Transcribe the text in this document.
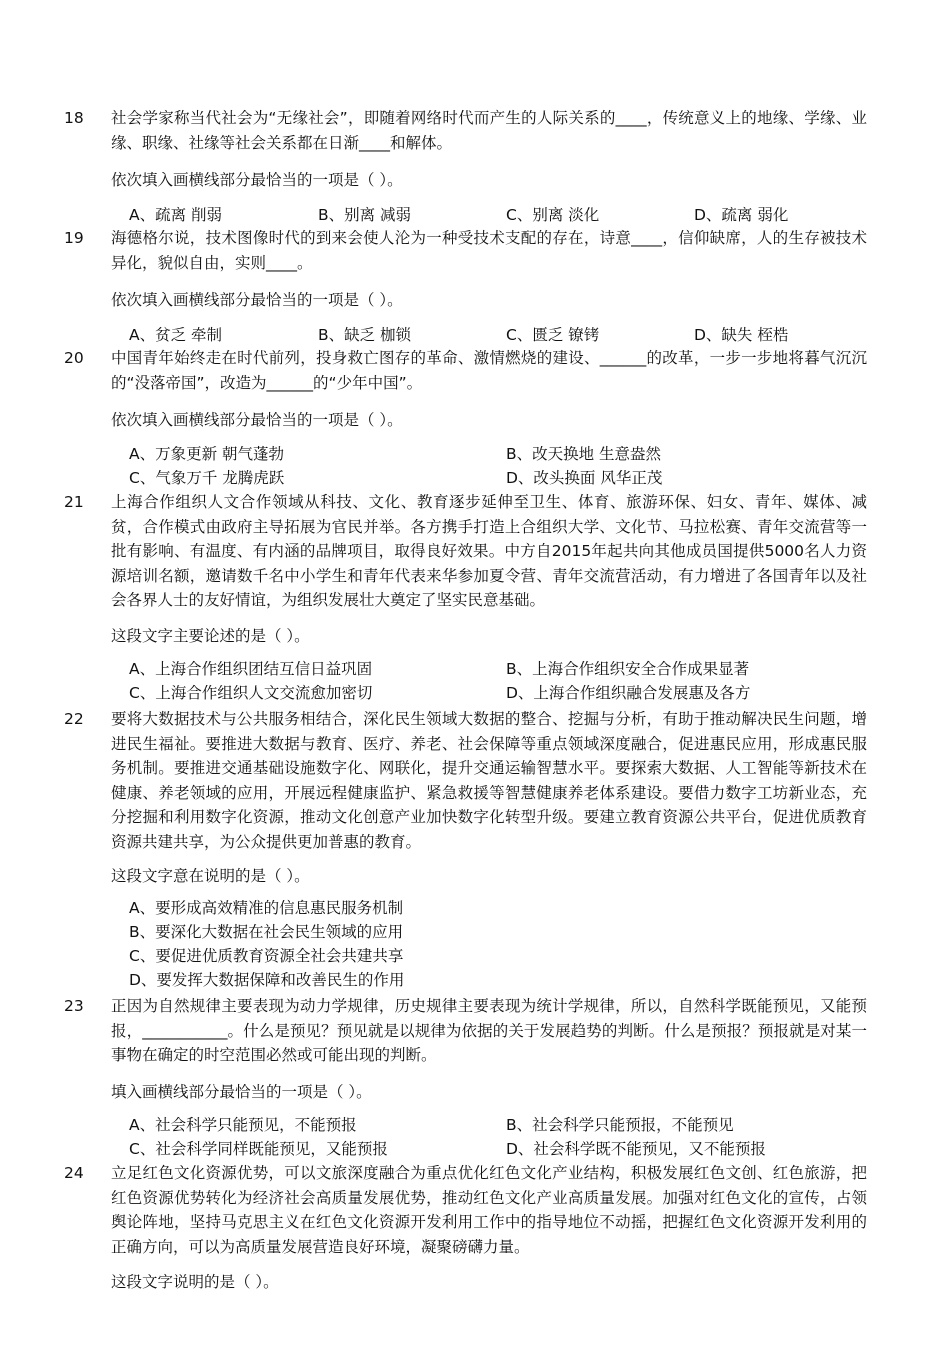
18 社会学家称当代社会为“无缘社会”，即随着网络时代而产生的人际关系的____，传统意义上的地缘、学缘、业缘、职缘、社缘等社会关系都在日渐____和解体。
依次填入画横线部分最恰当的一项是（ ）。
A、疏离 削弱	B、别离 减弱	C、别离 淡化	D、疏离 弱化
19 海德格尔说，技术图像时代的到来会使人沦为一种受技术支配的存在，诗意____，信仰缺席，人的生存被技术异化，貌似自由，实则____。
依次填入画横线部分最恰当的一项是（ ）。
A、贫乏 牵制	B、缺乏 枷锁	C、匮乏 镣铐	D、缺失 桎梏
20 中国青年始终走在时代前列，投身救亡图存的革命、激情燃烧的建设、______的改革，一步一步地将暮气沉沉的“没落帝国”，改造为______的“少年中国”。
依次填入画横线部分最恰当的一项是（ ）。
A、万象更新 朝气蓬勃	B、改天换地 生意盎然
C、气象万千 龙腾虎跃	D、改头换面 风华正茂
21 上海合作组织人文合作领域从科技、文化、教育逐步延伸至卫生、体育、旅游环保、妇女、青年、媒体、减贫，合作模式由政府主导拓展为官民并举。各方携手打造上合组织大学、文化节、马拉松赛、青年交流营等一批有影响、有温度、有内涵的品牌项目，取得良好效果。中方自2015年起共向其他成员国提供5000名人力资源培训名额，邀请数千名中小学生和青年代表来华参加夏令营、青年交流营活动，有力增进了各国青年以及社会各界人士的友好情谊，为组织发展壮大奠定了坚实民意基础。
这段文字主要论述的是（ ）。
A、上海合作组织团结互信日益巩固	B、上海合作组织安全合作成果显著
C、上海合作组织人文交流愈加密切	D、上海合作组织融合发展惠及各方
22 要将大数据技术与公共服务相结合，深化民生领域大数据的整合、挖掘与分析，有助于推动解决民生问题，增进民生福祉。要推进大数据与教育、医疗、养老、社会保障等重点领域深度融合，促进惠民应用，形成惠民服务机制。要推进交通基础设施数字化、网联化，提升交通运输智慧水平。要探索大数据、人工智能等新技术在健康、养老领域的应用，开展远程健康监护、紧急救援等智慧健康养老体系建设。要借力数字工坊新业态，充分挖掘和利用数字化资源，推动文化创意产业加快数字化转型升级。要建立教育资源公共平台，促进优质教育资源共建共享，为公众提供更加普惠的教育。
这段文字意在说明的是（ ）。
A、要形成高效精准的信息惠民服务机制
B、要深化大数据在社会民生领域的应用
C、要促进优质教育资源全社会共建共享
D、要发挥大数据保障和改善民生的作用
23 正因为自然规律主要表现为动力学规律，历史规律主要表现为统计学规律，所以，自然科学既能预见，又能预报，___________。什么是预见？预见就是以规律为依据的关于发展趋势的判断。什么是预报？预报就是对某一事物在确定的时空范围必然或可能出现的判断。
填入画横线部分最恰当的一项是（ ）。
A、社会科学只能预见，不能预报	B、社会科学只能预报，不能预见
C、社会科学同样既能预见，又能预报	D、社会科学既不能预见，又不能预报
24 立足红色文化资源优势，可以文旅深度融合为重点优化红色文化产业结构，积极发展红色文创、红色旅游，把红色资源优势转化为经济社会高质量发展优势，推动红色文化产业高质量发展。加强对红色文化的宣传，占领舆论阵地，坚持马克思主义在红色文化资源开发利用工作中的指导地位不动摇，把握红色文化资源开发利用的正确方向，可以为高质量发展营造良好环境，凝聚磅礴力量。
这段文字说明的是（ ）。
